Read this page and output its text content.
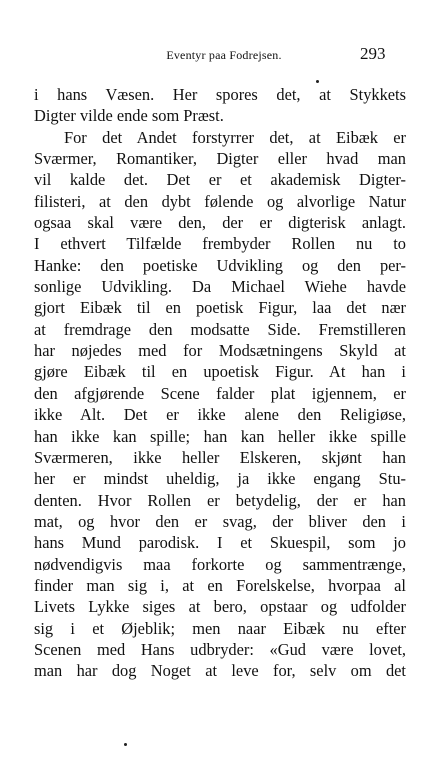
Eventyr paa Fodrejsen.	293
i hans Væsen. Her spores det, at Stykkets
Digter vilde ende som Præst.
For det Andet forstyrrer det, at Eibæk er
Sværmer, Romantiker, Digter eller hvad man
vil kalde det. Det er et akademisk Digter-
filisteri, at den dybt følende og alvorlige Natur
ogsaa skal være den, der er digterisk anlagt.
I ethvert Tilfælde frembyder Rollen nu to
Hanke: den poetiske Udvikling og den per-
sonlige Udvikling. Da Michael Wiehe havde
gjort Eibæk til en poetisk Figur, laa det nær
at fremdrage den modsatte Side. Fremstilleren
har nøjedes med for Modsætningens Skyld at
gjøre Eibæk til en upoetisk Figur. At han i
den afgjørende Scene falder plat igjennem, er
ikke Alt. Det er ikke alene den Religiøse,
han ikke kan spille; han kan heller ikke spille
Sværmeren, ikke heller Elskeren, skjønt han
her er mindst uheldig, ja ikke engang Stu-
denten. Hvor Rollen er betydelig, der er han
mat, og hvor den er svag, der bliver den i
hans Mund parodisk. I et Skuespil, som jo
nødvendigvis maa forkorte og sammentrænge,
finder man sig i, at en Forelskelse, hvorpaa al
Livets Lykke siges at bero, opstaar og udfolder
sig i et Øjeblik; men naar Eibæk nu efter
Scenen med Hans udbryder: «Gud være lovet,
man har dog Noget at leve for, selv om det
